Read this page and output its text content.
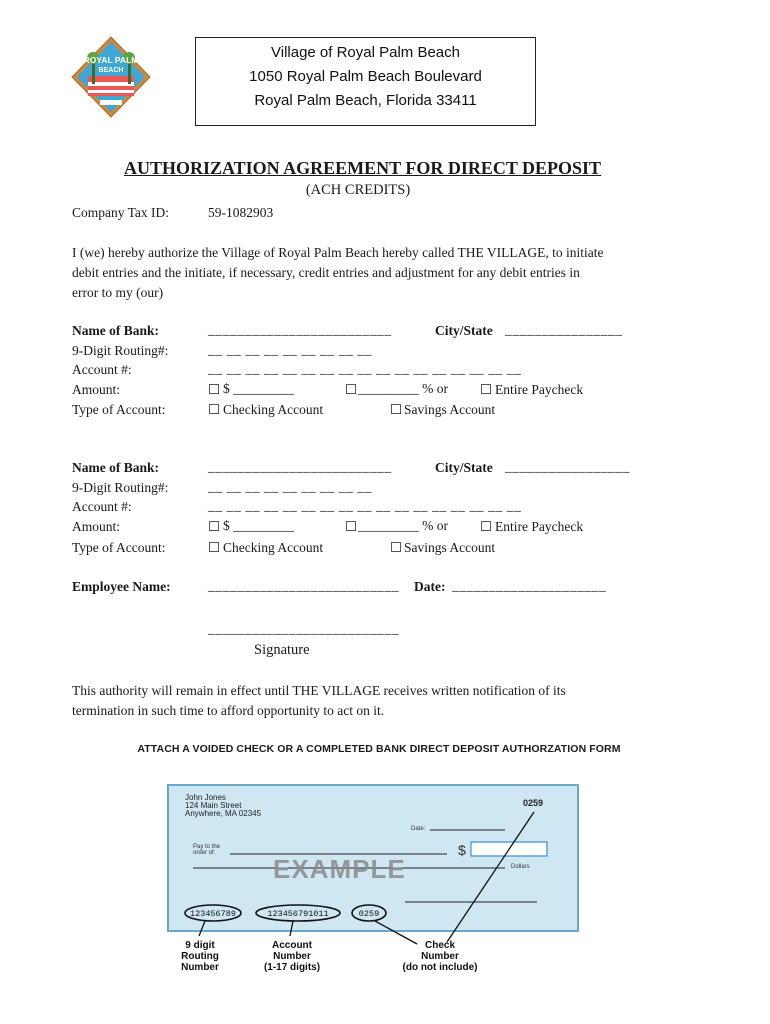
ROYAL PALM
BEACH
Village of Royal Palm Beach
1050 Royal Palm Beach Boulevard
Royal Palm Beach, Florida 33411
AUTHORIZATION AGREEMENT FOR DIRECT DEPOSIT
(ACH CREDITS)
Company Tax ID:	59-1082903
I (we) hereby authorize the Village of Royal Palm Beach hereby called THE VILLAGE, to initiate
debit entries and the initiate, if necessary, credit entries and adjustment for any debit entries in
error to my (our)
Name of Bank:	_________________________	City/State ________________
9-Digit Routing#:	__ __ __ __ __ __ __ __ __
Account #:	__ __ __ __ __ __ __ __ __ __ __ __ __ __ __ __ __
Amount:	☐ $ _________	☐ _________ % or ☐ Entire Paycheck
Type of Account:	☐ Checking Account	☐ Savings Account
Name of Bank:	_________________________	City/State _________________
9-Digit Routing#:	__ __ __ __ __ __ __ __ __
Account #:	__ __ __ __ __ __ __ __ __ __ __ __ __ __ __ __ __
Amount:	☐ $ _________	☐ _________ % or ☐ Entire Paycheck
Type of Account:	☐ Checking Account	☐ Savings Account
Employee Name:	__________________________ Date: _____________________
__________________________
Signature
This authority will remain in effect until THE VILLAGE receives written notification of its
termination in such time to afford opportunity to act on it.
ATTACH A VOIDED CHECK OR A COMPLETED BANK DIRECT DEPOSIT AUTHORZATION FORM
John Jones
124 Main Street
Anywhere, MA 02345
0259
Date:
Pay to the
order of:	$
Dollars
EXAMPLE
123456789	123456791011	0259
9 digit
Routing
Number
Account
Number
(1-17 digits)
Check
Number
(do not include)
